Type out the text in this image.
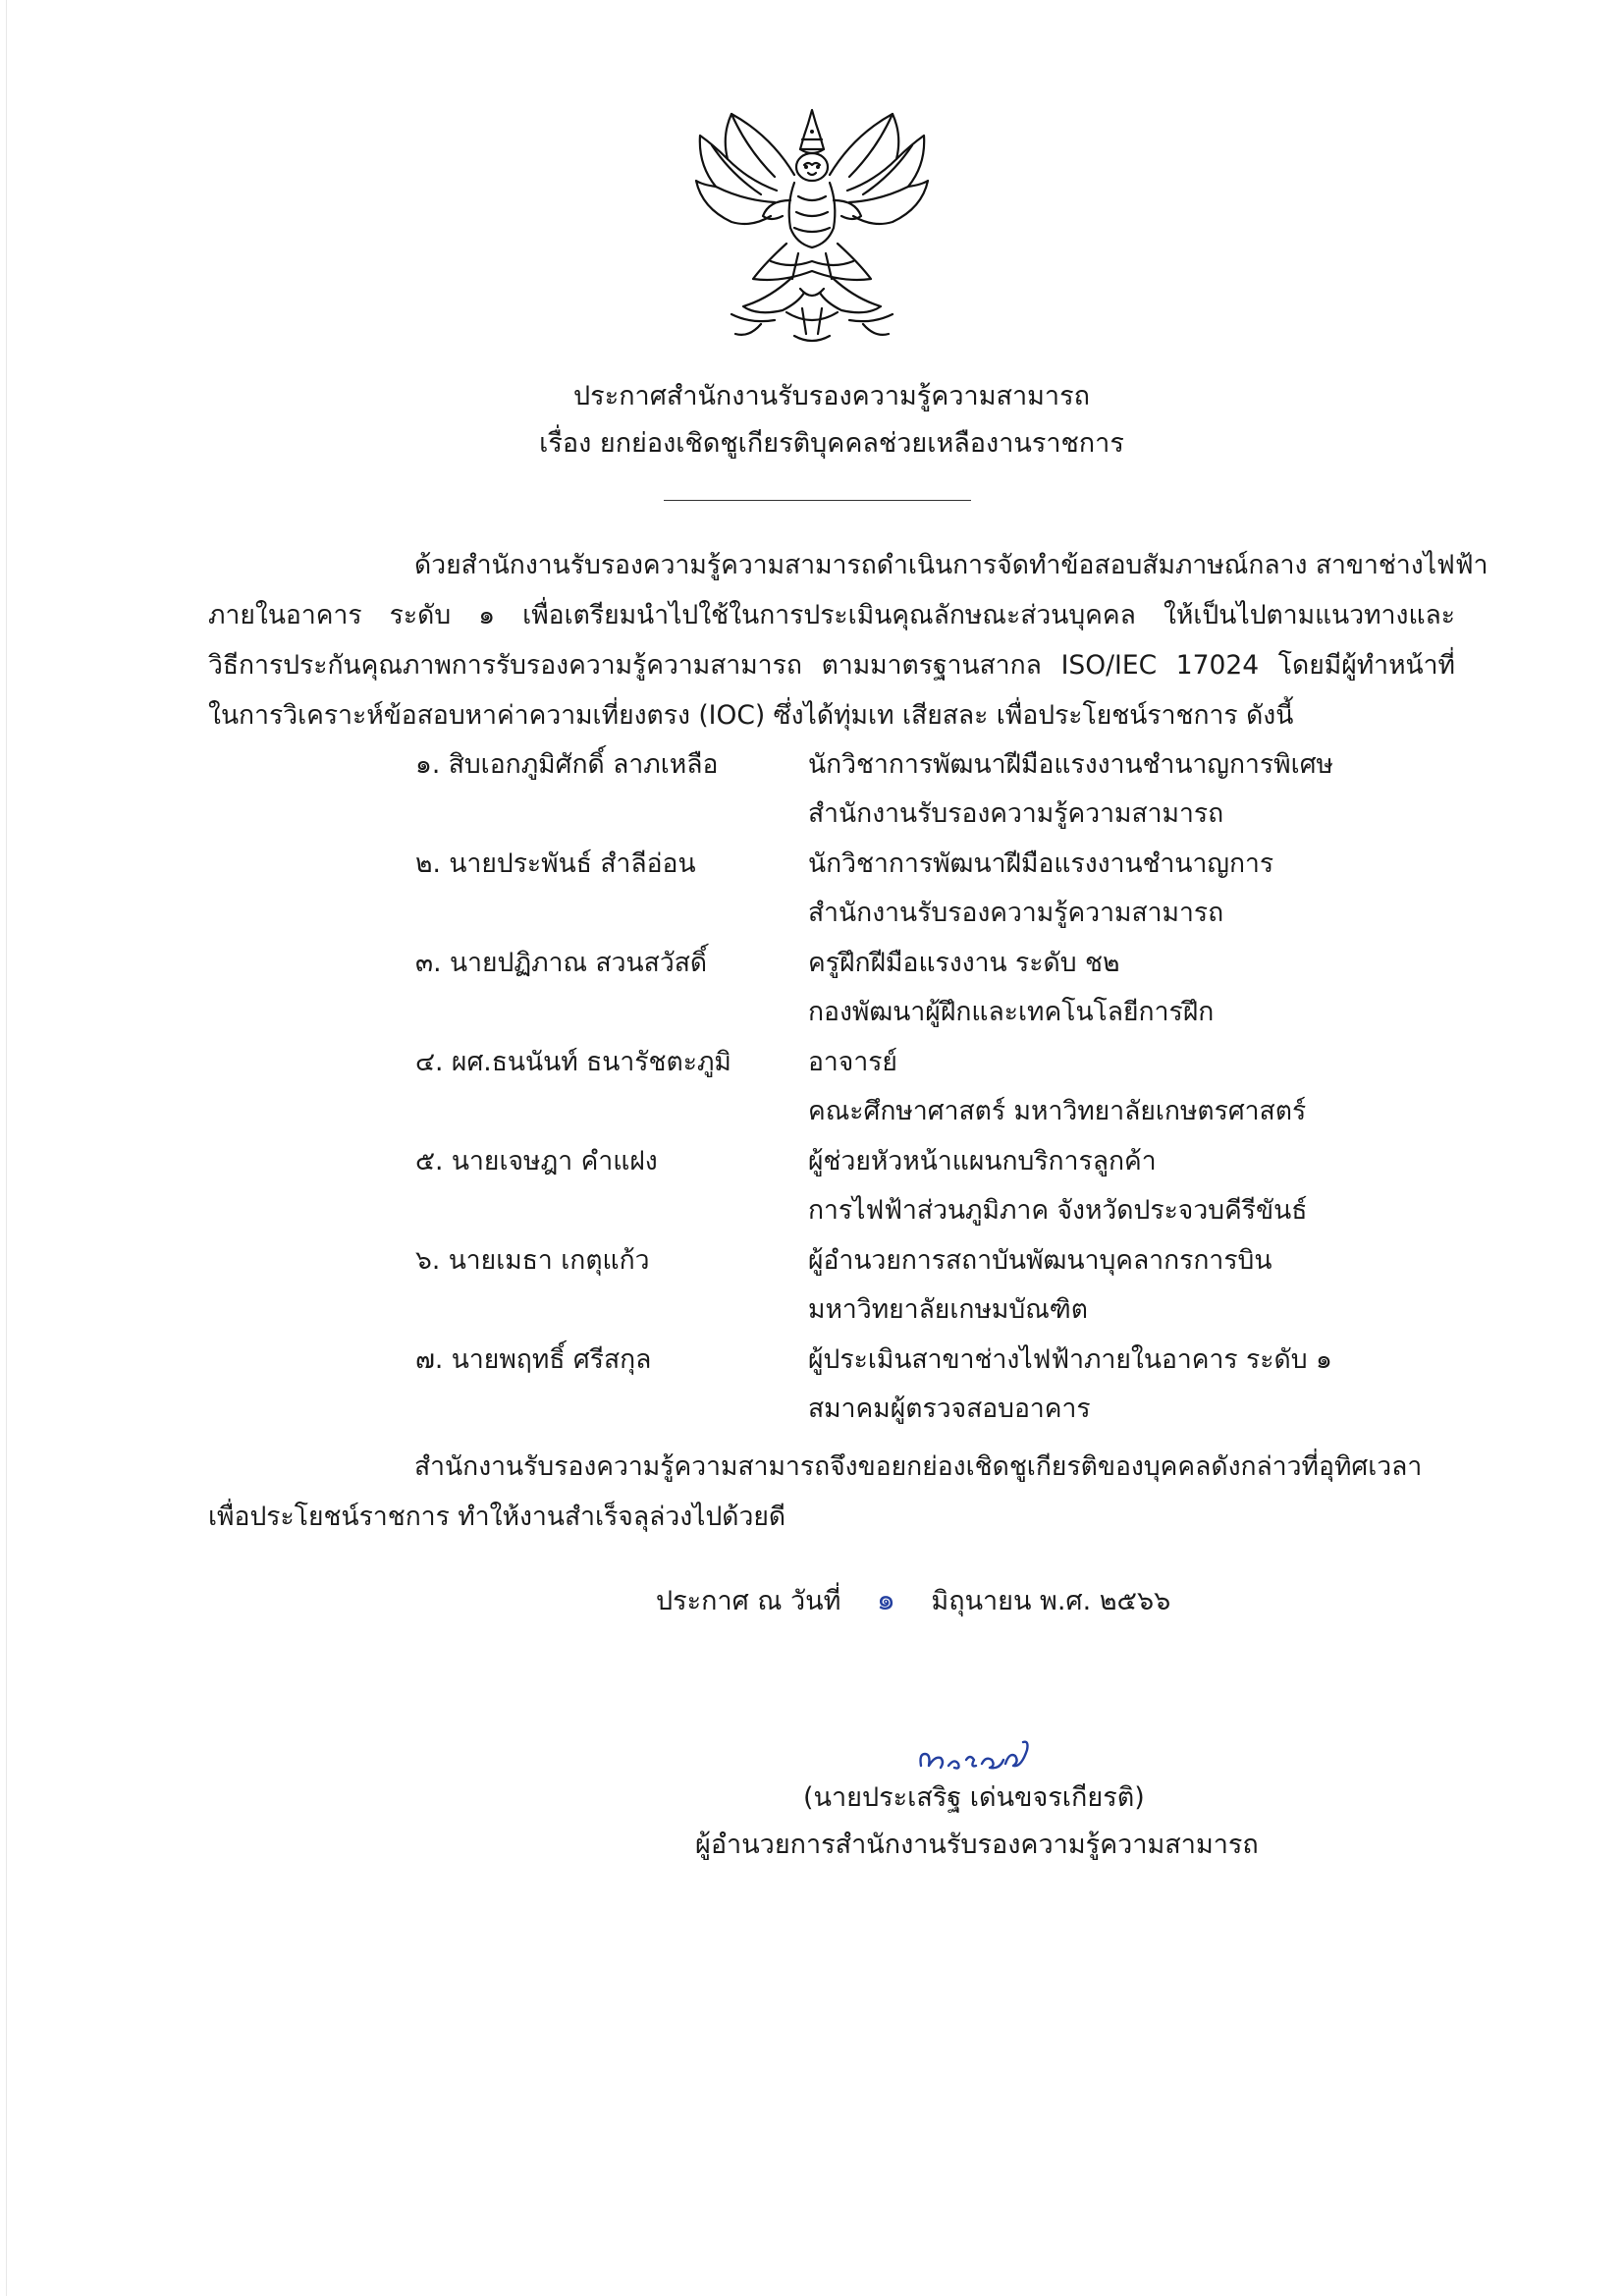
ประกาศสำนักงานรับรองความรู้ความสามารถ
เรื่อง ยกย่องเชิดชูเกียรติบุคคลช่วยเหลืองานราชการ
ด้วยสำนักงานรับรองความรู้ความสามารถดำเนินการจัดทำข้อสอบสัมภาษณ์กลาง สาขาช่างไฟฟ้า
ภายในอาคาร ระดับ ๑ เพื่อเตรียมนำไปใช้ในการประเมินคุณลักษณะส่วนบุคคล ให้เป็นไปตามแนวทางและ
วิธีการประกันคุณภาพการรับรองความรู้ความสามารถ ตามมาตรฐานสากล ISO/IEC 17024 โดยมีผู้ทำหน้าที่
ในการวิเคราะห์ข้อสอบหาค่าความเที่ยงตรง (IOC) ซึ่งได้ทุ่มเท เสียสละ เพื่อประโยชน์ราชการ ดังนี้
๑. สิบเอกภูมิศักดิ์ ลาภเหลือ	นักวิชาการพัฒนาฝีมือแรงงานชำนาญการพิเศษ
สำนักงานรับรองความรู้ความสามารถ
๒. นายประพันธ์ สำลีอ่อน	นักวิชาการพัฒนาฝีมือแรงงานชำนาญการ
สำนักงานรับรองความรู้ความสามารถ
๓. นายปฏิภาณ สวนสวัสดิ์	ครูฝึกฝีมือแรงงาน ระดับ ช๒
กองพัฒนาผู้ฝึกและเทคโนโลยีการฝึก
๔. ผศ.ธนนันท์ ธนารัชตะภูมิ	อาจารย์
คณะศึกษาศาสตร์ มหาวิทยาลัยเกษตรศาสตร์
๕. นายเจษฎา คำแฝง	ผู้ช่วยหัวหน้าแผนกบริการลูกค้า
การไฟฟ้าส่วนภูมิภาค จังหวัดประจวบคีรีขันธ์
๖. นายเมธา เกตุแก้ว	ผู้อำนวยการสถาบันพัฒนาบุคลากรการบิน
มหาวิทยาลัยเกษมบัณฑิต
๗. นายพฤทธิ์ ศรีสกุล	ผู้ประเมินสาขาช่างไฟฟ้าภายในอาคาร ระดับ ๑
สมาคมผู้ตรวจสอบอาคาร
สำนักงานรับรองความรู้ความสามารถจึงขอยกย่องเชิดชูเกียรติของบุคคลดังกล่าวที่อุทิศเวลา
เพื่อประโยชน์ราชการ ทำให้งานสำเร็จลุล่วงไปด้วยดี
ประกาศ ณ วันที่ ๑ มิถุนายน พ.ศ. ๒๕๖๖
(นายประเสริฐ เด่นขจรเกียรติ)
ผู้อำนวยการสำนักงานรับรองความรู้ความสามารถ
